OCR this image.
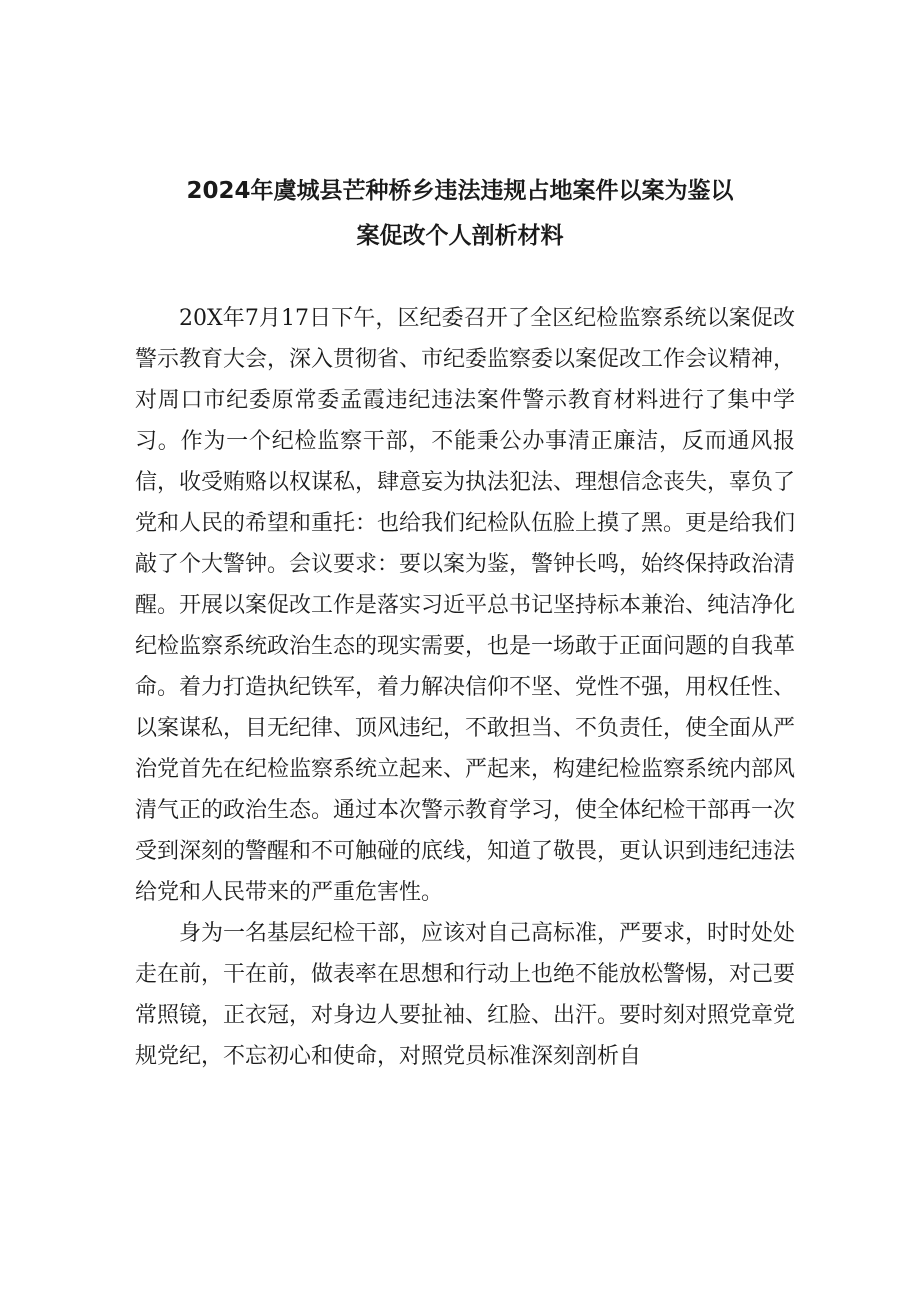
2024年虞城县芒种桥乡违法违规占地案件以案为鉴以
案促改个人剖析材料

20X年7月17日下午，区纪委召开了全区纪检监察系统以案促改警示教育大会，深入贯彻省、市纪委监察委以案促改工作会议精神，对周口市纪委原常委孟霞违纪违法案件警示教育材料进行了集中学习。作为一个纪检监察干部，不能秉公办事清正廉洁，反而通风报信，收受贿赂以权谋私，肆意妄为执法犯法、理想信念丧失，辜负了党和人民的希望和重托：也给我们纪检队伍脸上摸了黑。更是给我们敲了个大警钟。会议要求：要以案为鉴，警钟长鸣，始终保持政治清醒。开展以案促改工作是落实习近平总书记坚持标本兼治、纯洁净化纪检监察系统政治生态的现实需要，也是一场敢于正面问题的自我革命。着力打造执纪铁军，着力解决信仰不坚、党性不强，用权任性、以案谋私，目无纪律、顶风违纪，不敢担当、不负责任，使全面从严治党首先在纪检监察系统立起来、严起来，构建纪检监察系统内部风清气正的政治生态。通过本次警示教育学习，使全体纪检干部再一次受到深刻的警醒和不可触碰的底线，知道了敬畏，更认识到违纪违法给党和人民带来的严重危害性。

身为一名基层纪检干部，应该对自己高标准，严要求，时时处处走在前，干在前，做表率在思想和行动上也绝不能放松警惕，对己要常照镜，正衣冠，对身边人要扯袖、红脸、出汗。要时刻对照党章党规党纪，不忘初心和使命，对照党员标准深刻剖析自
